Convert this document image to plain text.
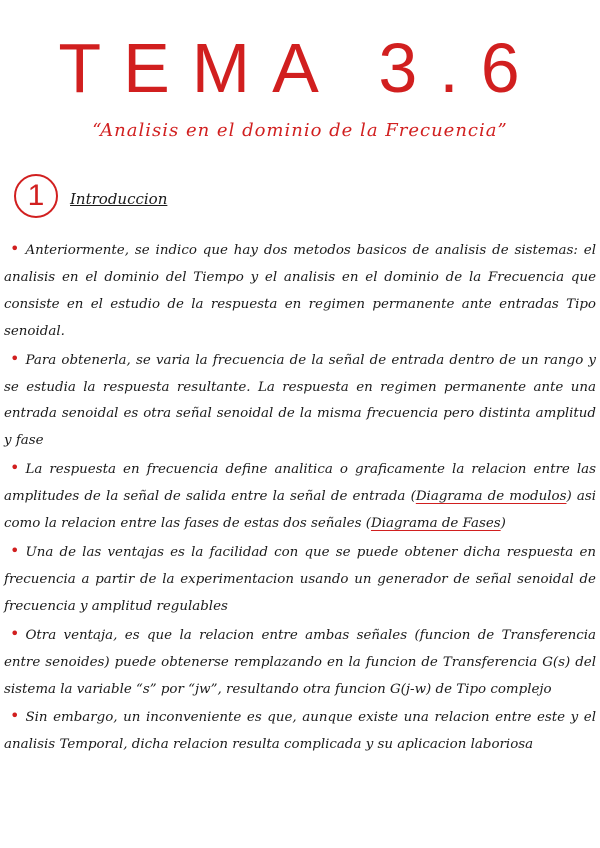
TEMA 3.6
“Analisis en el dominio de la Frecuencia”
1	Introduccion

• Anteriormente, se indico que hay dos metodos basicos de analisis de sistemas: el analisis en el dominio del Tiempo y el analisis en el dominio de la Frecuencia que consiste en el estudio de la respuesta en regimen permanente ante entradas Tipo senoidal.

• Para obtenerla, se varia la frecuencia de la señal de entrada dentro de un rango y se estudia la respuesta resultante. La respuesta en regimen permanente ante una entrada senoidal es otra señal senoidal de la misma frecuencia pero distinta amplitud y fase

• La respuesta en frecuencia define analitica o graficamente la relacion entre las amplitudes de la señal de salida entre la señal de entrada (Diagrama de modulos) asi como la relacion entre las fases de estas dos señales (Diagrama de Fases)

• Una de las ventajas es la facilidad con que se puede obtener dicha respuesta en frecuencia a partir de la experimentacion usando un generador de señal senoidal de frecuencia y amplitud regulables

• Otra ventaja, es que la relacion entre ambas señales (funcion de Transferencia entre senoides) puede obtenerse remplazando en la funcion de Transferencia G(s) del sistema la variable “s” por “jw”, resultando otra funcion G(j-w) de Tipo complejo

• Sin embargo, un inconveniente es que, aunque existe una relacion entre este y el analisis Temporal, dicha relacion resulta complicada y su aplicacion laboriosa
